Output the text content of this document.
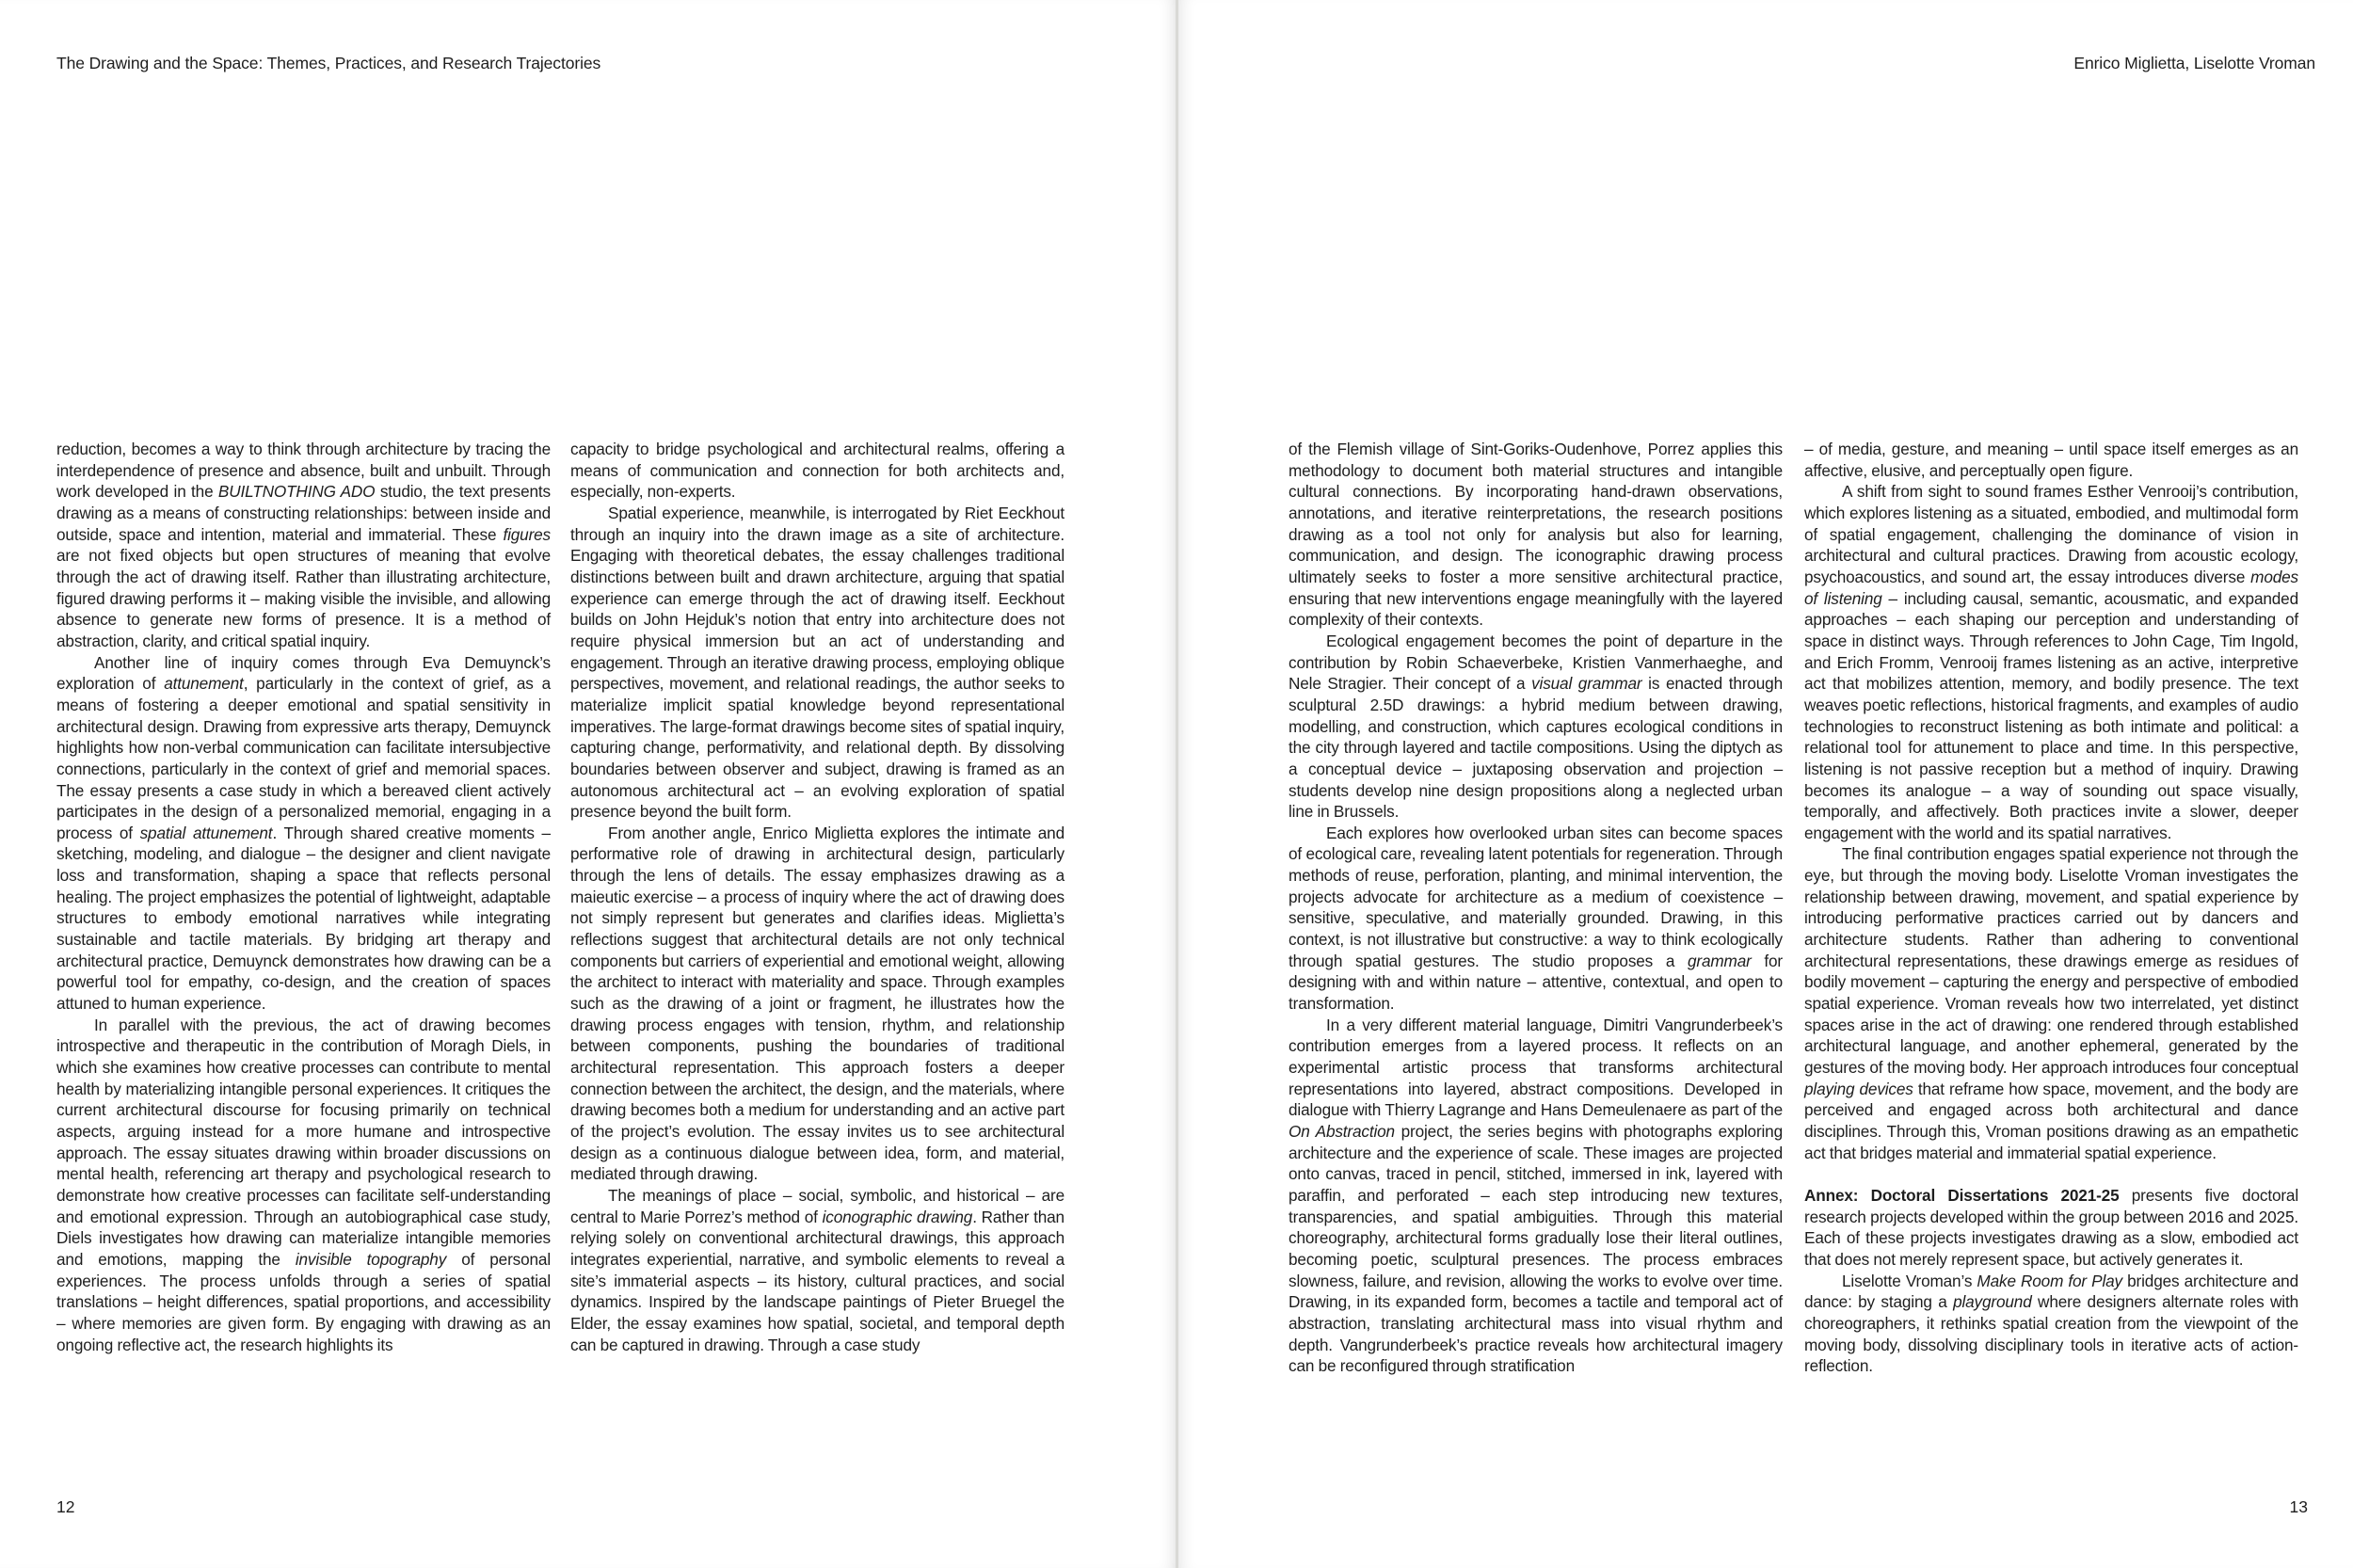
The Drawing and the Space: Themes, Practices, and Research Trajectories

reduction, becomes a way to think through architecture by tracing the interdependence of presence and absence, built and unbuilt. Through work developed in the BUILTNOTHING ADO studio, the text presents drawing as a means of constructing relationships: between inside and outside, space and intention, material and immaterial. These figures are not fixed objects but open structures of meaning that evolve through the act of drawing itself. Rather than illustrating architecture, figured drawing performs it – making visible the invisible, and allowing absence to generate new forms of presence. It is a method of abstraction, clarity, and critical spatial inquiry.

Another line of inquiry comes through Eva Demuynck’s exploration of attunement, particularly in the context of grief, as a means of fostering a deeper emotional and spatial sensitivity in architectural design. Drawing from expressive arts therapy, Demuynck highlights how non-verbal communication can facilitate intersubjective connections, particularly in the context of grief and memorial spaces. The essay presents a case study in which a bereaved client actively participates in the design of a personalized memorial, engaging in a process of spatial attunement. Through shared creative moments – sketching, modeling, and dialogue – the designer and client navigate loss and transformation, shaping a space that reflects personal healing. The project emphasizes the potential of lightweight, adaptable structures to embody emotional narratives while integrating sustainable and tactile materials. By bridging art therapy and architectural practice, Demuynck demonstrates how drawing can be a powerful tool for empathy, co-design, and the creation of spaces attuned to human experience.

In parallel with the previous, the act of drawing becomes introspective and therapeutic in the contribution of Moragh Diels, in which she examines how creative processes can contribute to mental health by materializing intangible personal experiences. It critiques the current architectural discourse for focusing primarily on technical aspects, arguing instead for a more humane and introspective approach. The essay situates drawing within broader discussions on mental health, referencing art therapy and psychological research to demonstrate how creative processes can facilitate self-understanding and emotional expression. Through an autobiographical case study, Diels investigates how drawing can materialize intangible memories and emotions, mapping the invisible topography of personal experiences. The process unfolds through a series of spatial translations – height differences, spatial proportions, and accessibility – where memories are given form. By engaging with drawing as an ongoing reflective act, the research highlights its

capacity to bridge psychological and architectural realms, offering a means of communication and connection for both architects and, especially, non-experts.

Spatial experience, meanwhile, is interrogated by Riet Eeckhout through an inquiry into the drawn image as a site of architecture. Engaging with theoretical debates, the essay challenges traditional distinctions between built and drawn architecture, arguing that spatial experience can emerge through the act of drawing itself. Eeckhout builds on John Hejduk’s notion that entry into architecture does not require physical immersion but an act of understanding and engagement. Through an iterative drawing process, employing oblique perspectives, movement, and relational readings, the author seeks to materialize implicit spatial knowledge beyond representational imperatives. The large-format drawings become sites of spatial inquiry, capturing change, performativity, and relational depth. By dissolving boundaries between observer and subject, drawing is framed as an autonomous architectural act – an evolving exploration of spatial presence beyond the built form.

From another angle, Enrico Miglietta explores the intimate and performative role of drawing in architectural design, particularly through the lens of details. The essay emphasizes drawing as a maieutic exercise – a process of inquiry where the act of drawing does not simply represent but generates and clarifies ideas. Miglietta’s reflections suggest that architectural details are not only technical components but carriers of experiential and emotional weight, allowing the architect to interact with materiality and space. Through examples such as the drawing of a joint or fragment, he illustrates how the drawing process engages with tension, rhythm, and relationship between components, pushing the boundaries of traditional architectural representation. This approach fosters a deeper connection between the architect, the design, and the materials, where drawing becomes both a medium for understanding and an active part of the project’s evolution. The essay invites us to see architectural design as a continuous dialogue between idea, form, and material, mediated through drawing.

The meanings of place – social, symbolic, and historical – are central to Marie Porrez’s method of iconographic drawing. Rather than relying solely on conventional architectural drawings, this approach integrates experiential, narrative, and symbolic elements to reveal a site’s immaterial aspects – its history, cultural practices, and social dynamics. Inspired by the landscape paintings of Pieter Bruegel the Elder, the essay examines how spatial, societal, and temporal depth can be captured in drawing. Through a case study

12
Enrico Miglietta, Liselotte Vroman

of the Flemish village of Sint-Goriks-Oudenhove, Porrez applies this methodology to document both material structures and intangible cultural connections. By incorporating hand-drawn observations, annotations, and iterative reinterpretations, the research positions drawing as a tool not only for analysis but also for learning, communication, and design. The iconographic drawing process ultimately seeks to foster a more sensitive architectural practice, ensuring that new interventions engage meaningfully with the layered complexity of their contexts.

Ecological engagement becomes the point of departure in the contribution by Robin Schaeverbeke, Kristien Vanmerhaeghe, and Nele Stragier. Their concept of a visual grammar is enacted through sculptural 2.5D drawings: a hybrid medium between drawing, modelling, and construction, which captures ecological conditions in the city through layered and tactile compositions. Using the diptych as a conceptual device – juxtaposing observation and projection – students develop nine design propositions along a neglected urban line in Brussels.

Each explores how overlooked urban sites can become spaces of ecological care, revealing latent potentials for regeneration. Through methods of reuse, perforation, planting, and minimal intervention, the projects advocate for architecture as a medium of coexistence – sensitive, speculative, and materially grounded. Drawing, in this context, is not illustrative but constructive: a way to think ecologically through spatial gestures. The studio proposes a grammar for designing with and within nature – attentive, contextual, and open to transformation.

In a very different material language, Dimitri Vangrunderbeek’s contribution emerges from a layered process. It reflects on an experimental artistic process that transforms architectural representations into layered, abstract compositions. Developed in dialogue with Thierry Lagrange and Hans Demeulenaere as part of the On Abstraction project, the series begins with photographs exploring architecture and the experience of scale. These images are projected onto canvas, traced in pencil, stitched, immersed in ink, layered with paraffin, and perforated – each step introducing new textures, transparencies, and spatial ambiguities. Through this material choreography, architectural forms gradually lose their literal outlines, becoming poetic, sculptural presences. The process embraces slowness, failure, and revision, allowing the works to evolve over time. Drawing, in its expanded form, becomes a tactile and temporal act of abstraction, translating architectural mass into visual rhythm and depth. Vangrunderbeek’s practice reveals how architectural imagery can be reconfigured through stratification

– of media, gesture, and meaning – until space itself emerges as an affective, elusive, and perceptually open figure.

A shift from sight to sound frames Esther Venrooij’s contribution, which explores listening as a situated, embodied, and multimodal form of spatial engagement, challenging the dominance of vision in architectural and cultural practices. Drawing from acoustic ecology, psychoacoustics, and sound art, the essay introduces diverse modes of listening – including causal, semantic, acousmatic, and expanded approaches – each shaping our perception and understanding of space in distinct ways. Through references to John Cage, Tim Ingold, and Erich Fromm, Venrooij frames listening as an active, interpretive act that mobilizes attention, memory, and bodily presence. The text weaves poetic reflections, historical fragments, and examples of audio technologies to reconstruct listening as both intimate and political: a relational tool for attunement to place and time. In this perspective, listening is not passive reception but a method of inquiry. Drawing becomes its analogue – a way of sounding out space visually, temporally, and affectively. Both practices invite a slower, deeper engagement with the world and its spatial narratives.

The final contribution engages spatial experience not through the eye, but through the moving body. Liselotte Vroman investigates the relationship between drawing, movement, and spatial experience by introducing performative practices carried out by dancers and architecture students. Rather than adhering to conventional architectural representations, these drawings emerge as residues of bodily movement – capturing the energy and perspective of embodied spatial experience. Vroman reveals how two interrelated, yet distinct spaces arise in the act of drawing: one rendered through established architectural language, and another ephemeral, generated by the gestures of the moving body. Her approach introduces four conceptual playing devices that reframe how space, movement, and the body are perceived and engaged across both architectural and dance disciplines. Through this, Vroman positions drawing as an empathetic act that bridges material and immaterial spatial experience.

Annex: Doctoral Dissertations 2021-25 presents five doctoral research projects developed within the group between 2016 and 2025. Each of these projects investigates drawing as a slow, embodied act that does not merely represent space, but actively generates it.

Liselotte Vroman’s Make Room for Play bridges architecture and dance: by staging a playground where designers alternate roles with choreographers, it rethinks spatial creation from the viewpoint of the moving body, dissolving disciplinary tools in iterative acts of action-reflection.

13
